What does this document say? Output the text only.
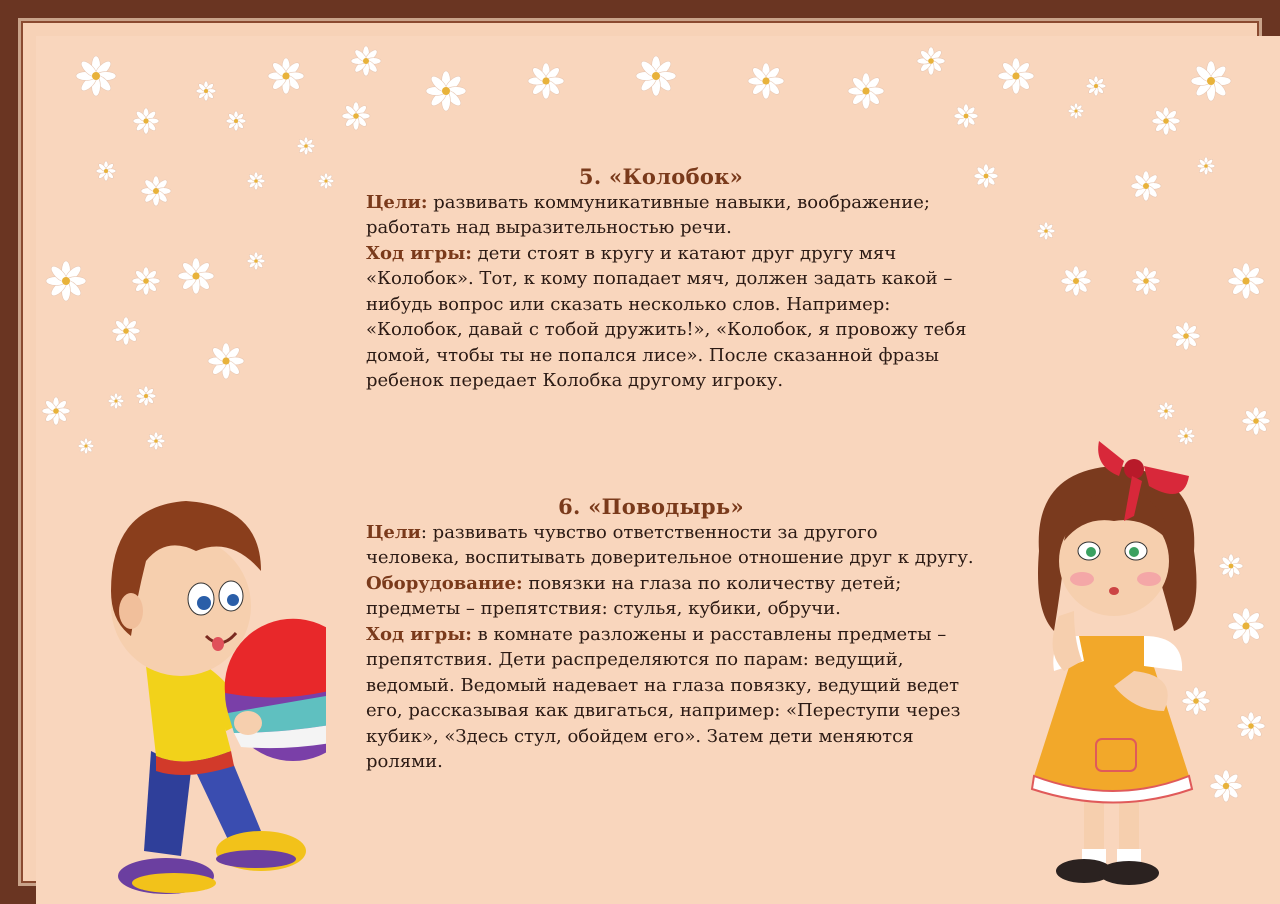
5. «Колобок»

Цели: развивать коммуникативные навыки, воображение; работать над выразительностью речи.

Ход игры: дети стоят в кругу и катают друг другу мяч «Колобок». Тот, к кому попадает мяч, должен задать какой – нибудь вопрос или сказать несколько слов. Например: «Колобок, давай с тобой дружить!», «Колобок, я провожу тебя домой, чтобы ты не попался лисе». После сказанной фразы ребенок передает Колобка другому игроку.

6. «Поводырь»

Цели: развивать чувство ответственности за другого человека, воспитывать доверительное отношение друг к другу.

Оборудование: повязки на глаза по количеству детей; предметы – препятствия: стулья, кубики, обручи.

Ход игры: в комнате разложены и расставлены предметы – препятствия. Дети распределяются по парам: ведущий, ведомый. Ведомый надевает на глаза повязку, ведущий ведет его, рассказывая как двигаться, например: «Переступи через кубик», «Здесь стул, обойдем его». Затем дети меняются ролями.
